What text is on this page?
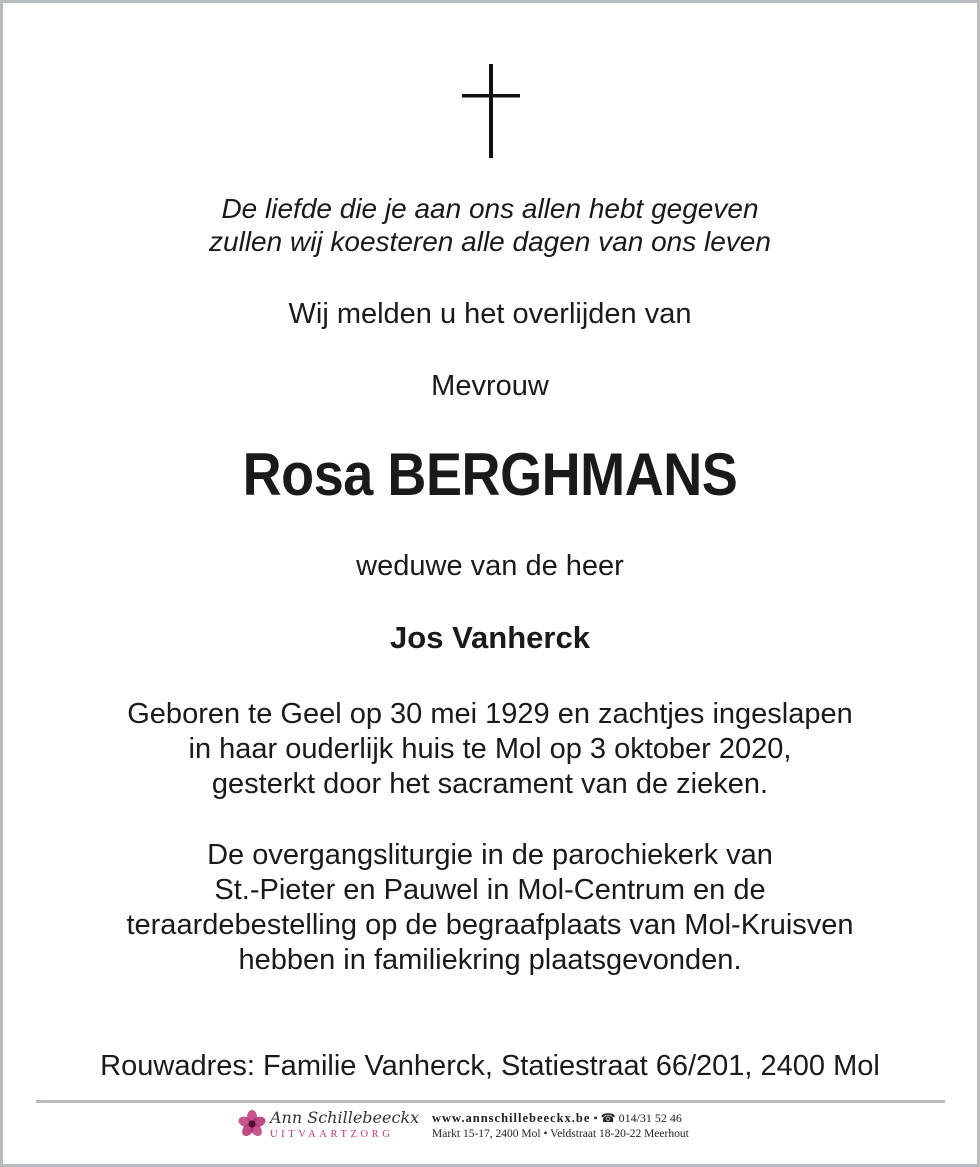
De liefde die je aan ons allen hebt gegeven
zullen wij koesteren alle dagen van ons leven
Wij melden u het overlijden van
Mevrouw
Rosa BERGHMANS
weduwe van de heer
Jos Vanherck
Geboren te Geel op 30 mei 1929 en zachtjes ingeslapen
in haar ouderlijk huis te Mol op 3 oktober 2020,
gesterkt door het sacrament van de zieken.
De overgangsliturgie in de parochiekerk van
St.-Pieter en Pauwel in Mol-Centrum en de
teraardebestelling op de begraafplaats van Mol-Kruisven
hebben in familiekring plaatsgevonden.
Rouwadres: Familie Vanherck, Statiestraat 66/201, 2400 Mol
Ann Schillebeeckx
UITVAARTZORG
www.annschillebeeckx.be • ☎ 014/31 52 46
Markt 15-17, 2400 Mol • Veldstraat 18-20-22 Meerhout
